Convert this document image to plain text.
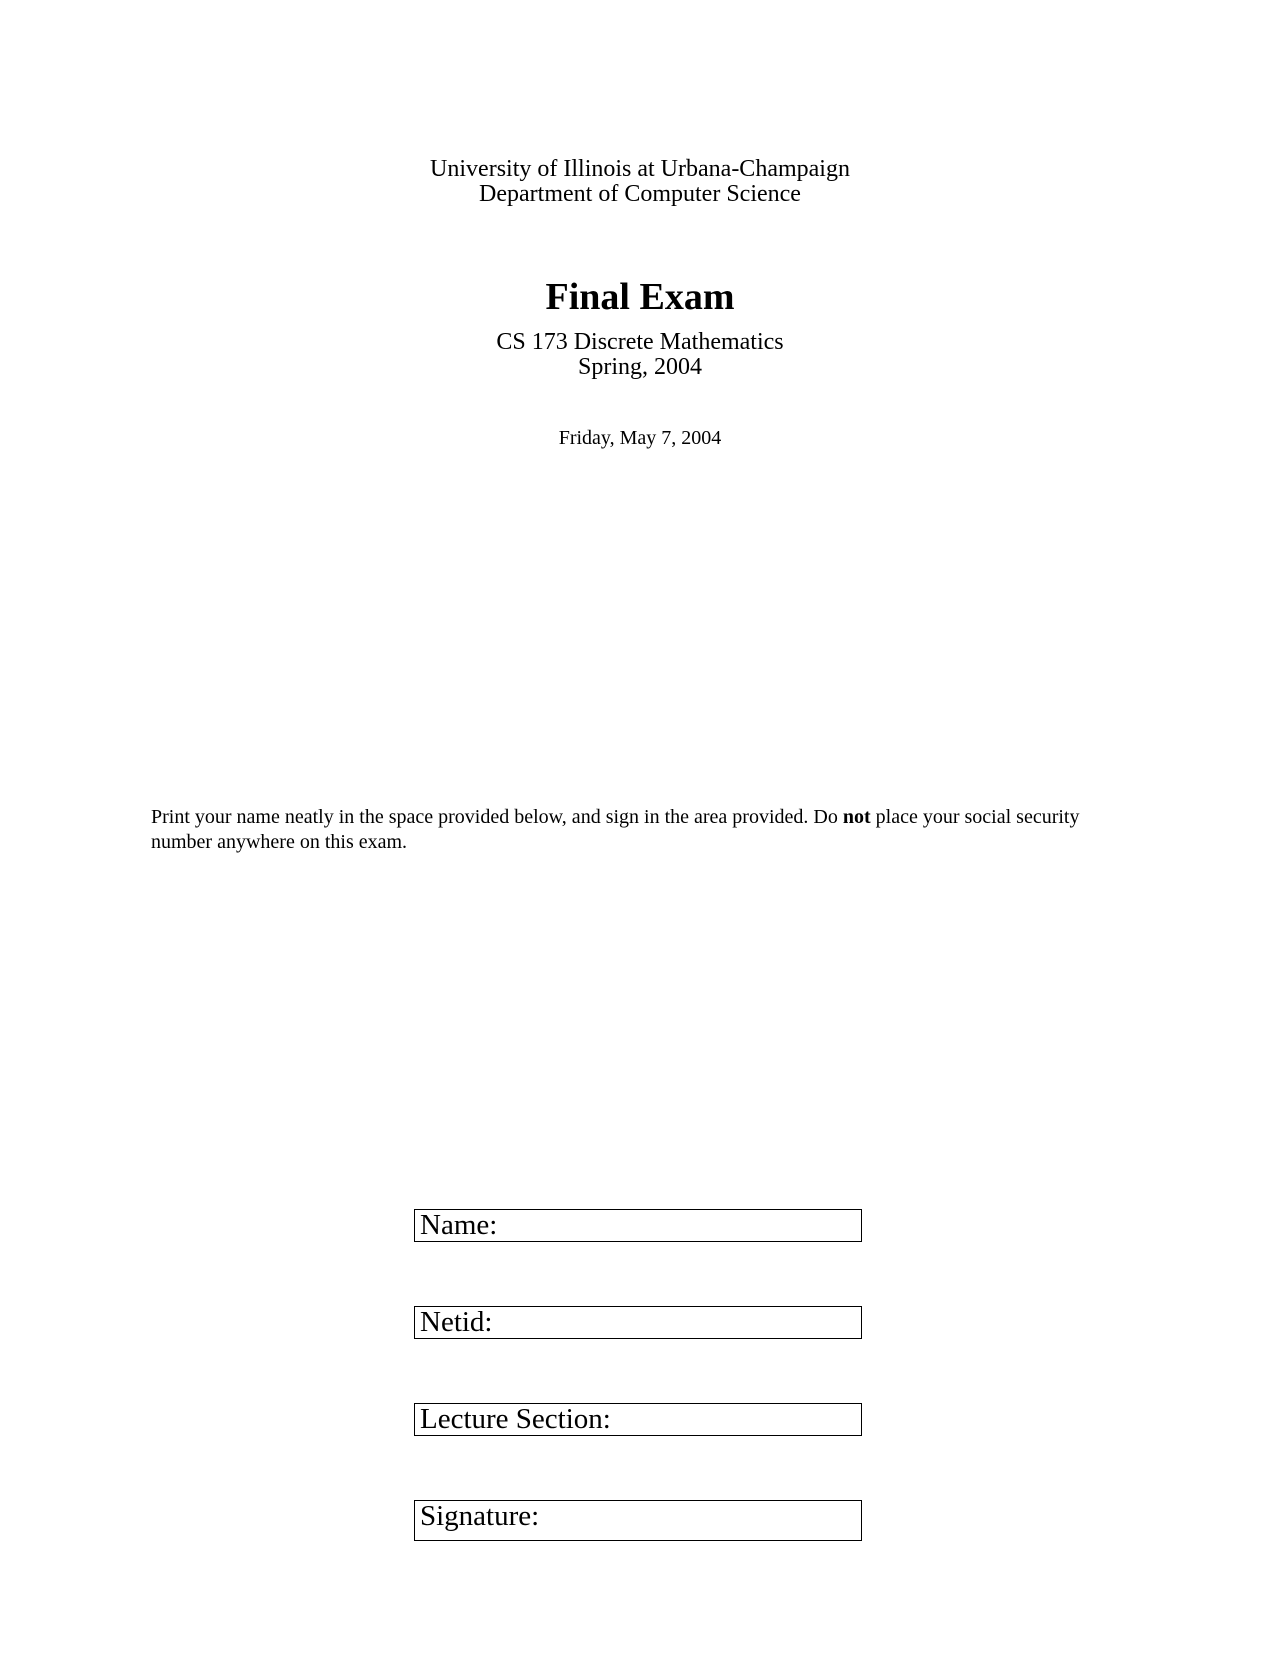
University of Illinois at Urbana-Champaign
Department of Computer Science
Final Exam
CS 173 Discrete Mathematics
Spring, 2004
Friday, May 7, 2004
Print your name neatly in the space provided below, and sign in the area provided. Do not place your social security number anywhere on this exam.
Name:
Netid:
Lecture Section:
Signature:
